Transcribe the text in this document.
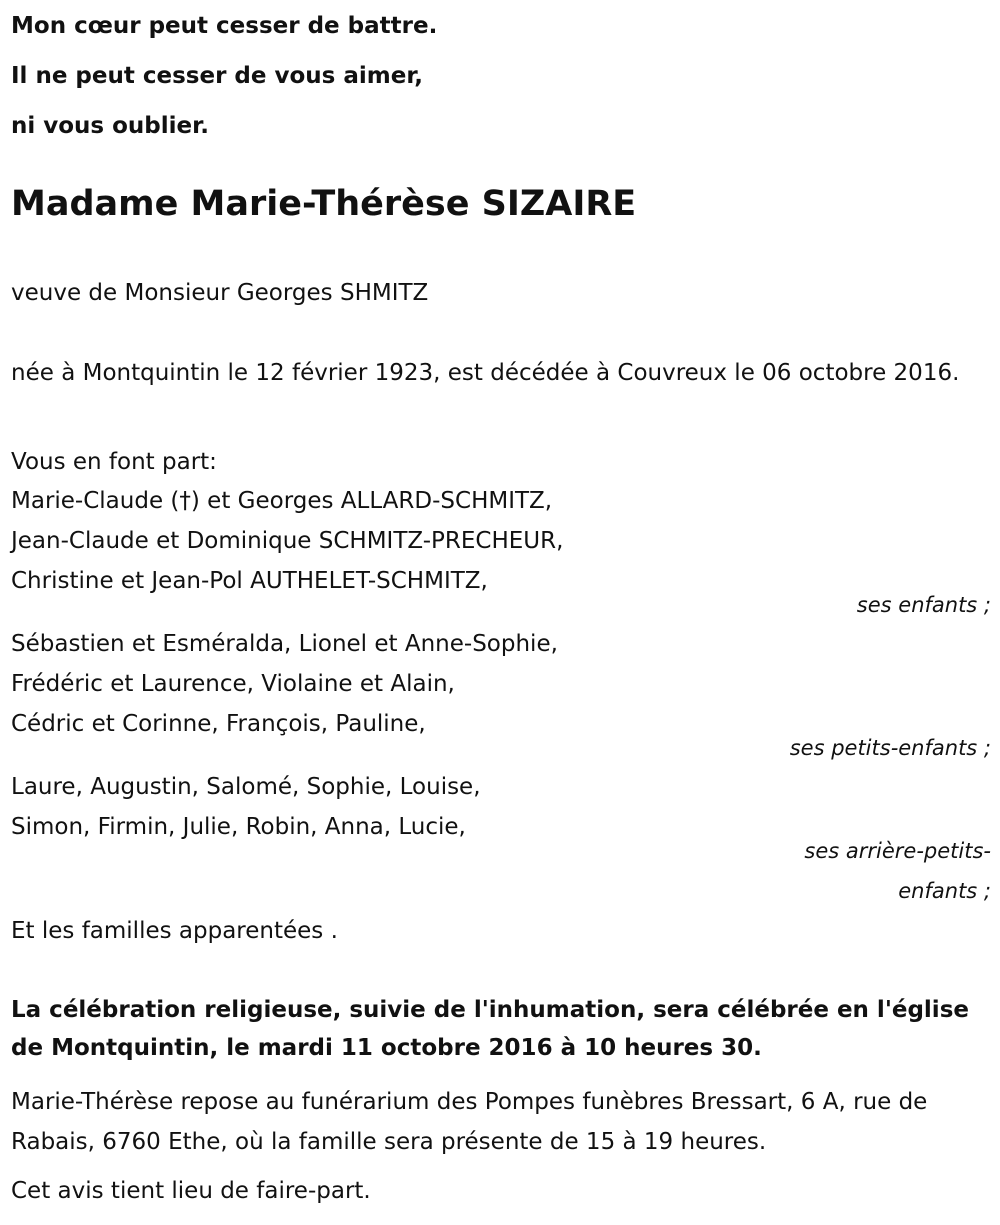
Mon cœur peut cesser de battre.
Il ne peut cesser de vous aimer,
ni vous oublier.
Madame Marie-Thérèse SIZAIRE
veuve de Monsieur Georges SHMITZ
née à Montquintin le 12 février 1923, est décédée à Couvreux le 06 octobre 2016.
Vous en font part:
Marie-Claude (†) et Georges ALLARD-SCHMITZ,
Jean-Claude et Dominique SCHMITZ-PRECHEUR,
Christine et Jean-Pol AUTHELET-SCHMITZ,
ses enfants ;
Sébastien et Esméralda, Lionel et Anne-Sophie,
Frédéric et Laurence, Violaine et Alain,
Cédric et Corinne, François, Pauline,
ses petits-enfants ;
Laure, Augustin, Salomé, Sophie, Louise,
Simon, Firmin, Julie, Robin, Anna, Lucie,
ses arrière-petits-enfants ;
Et les familles apparentées .
La célébration religieuse, suivie de l'inhumation, sera célébrée en l'église de Montquintin, le mardi 11 octobre 2016 à 10 heures 30.
Marie-Thérèse repose au funérarium des Pompes funèbres Bressart, 6 A, rue de Rabais, 6760 Ethe, où la famille sera présente de 15 à 19 heures.
Cet avis tient lieu de faire-part.
